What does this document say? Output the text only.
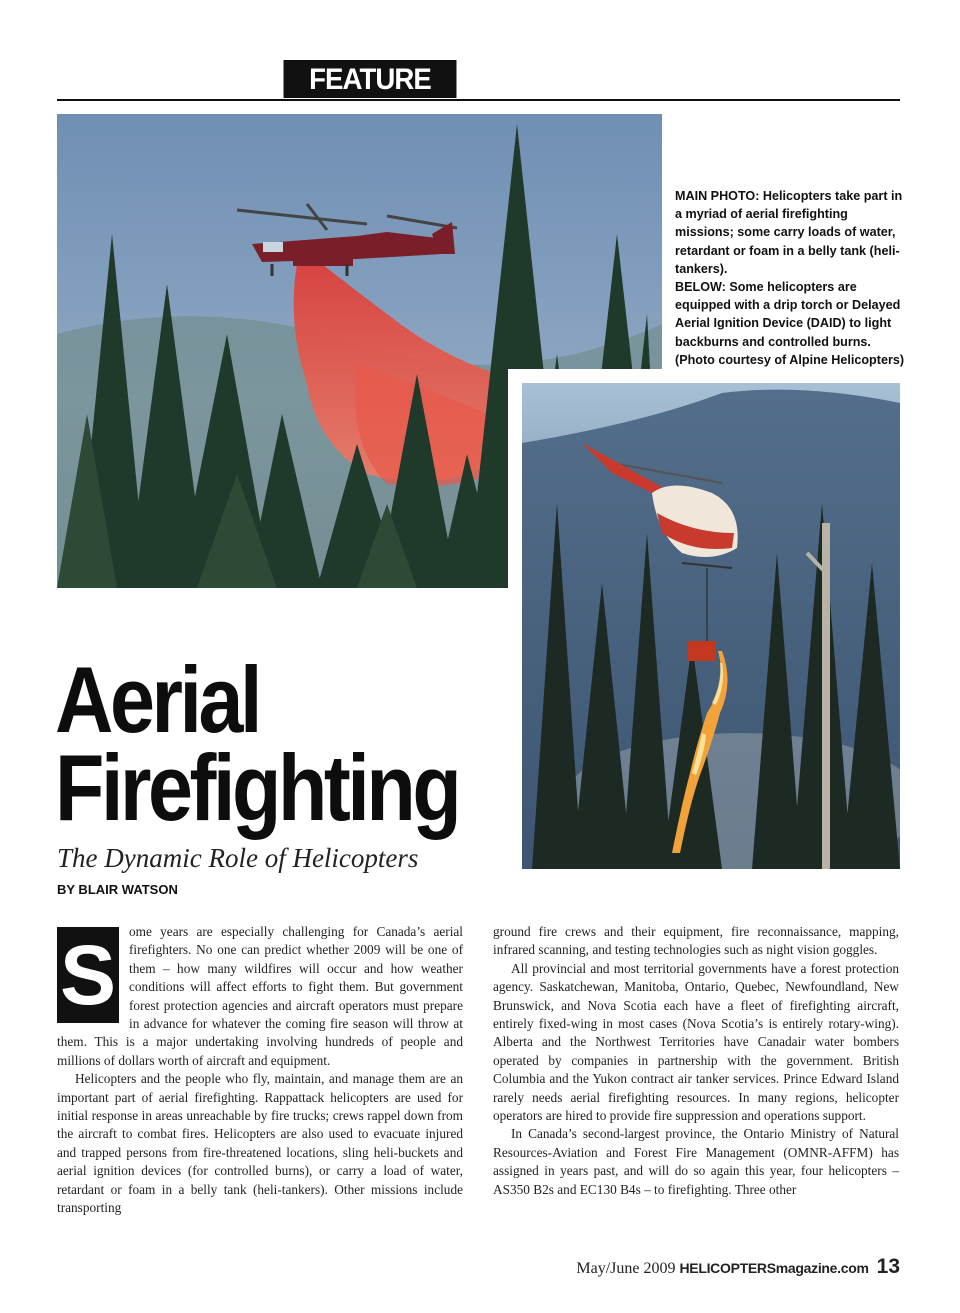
FEATURE

MAIN PHOTO: Helicopters take part in a myriad of aerial firefighting missions; some carry loads of water, retardant or foam in a belly tank (heli-tankers).

BELOW: Some helicopters are equipped with a drip torch or Delayed Aerial Ignition Device (DAID) to light backburns and controlled burns.

(Photo courtesy of Alpine Helicopters)

Aerial
Firefighting
The Dynamic Role of Helicopters
BY BLAIR WATSON

S ome years are especially challenging for Canada’s aerial firefighters. No one can predict whether 2009 will be one of them – how many wildfires will occur and how weather conditions will affect efforts to fight them. But government forest protection agencies and aircraft operators must prepare in advance for whatever the coming fire season will throw at them. This is a major undertaking involving hundreds of people and millions of dollars worth of aircraft and equipment.

Helicopters and the people who fly, maintain, and manage them are an important part of aerial firefighting. Rappattack helicopters are used for initial response in areas unreachable by fire trucks; crews rappel down from the aircraft to combat fires. Helicopters are also used to evacuate injured and trapped persons from fire-threatened locations, sling heli-buckets and aerial ignition devices (for controlled burns), or carry a load of water, retardant or foam in a belly tank (heli-tankers). Other missions include transporting

ground fire crews and their equipment, fire reconnaissance, mapping, infrared scanning, and testing technologies such as night vision goggles.

All provincial and most territorial governments have a forest protection agency. Saskatchewan, Manitoba, Ontario, Quebec, Newfoundland, New Brunswick, and Nova Scotia each have a fleet of firefighting aircraft, entirely fixed-wing in most cases (Nova Scotia’s is entirely rotary-wing). Alberta and the Northwest Territories have Canadair water bombers operated by companies in partnership with the government. British Columbia and the Yukon contract air tanker services. Prince Edward Island rarely needs aerial firefighting resources. In many regions, helicopter operators are hired to provide fire suppression and operations support.

In Canada’s second-largest province, the Ontario Ministry of Natural Resources-Aviation and Forest Fire Management (OMNR-AFFM) has assigned in years past, and will do so again this year, four helicopters – AS350 B2s and EC130 B4s – to firefighting. Three other

May/June 2009 HELICOPTERSmagazine.com 13
